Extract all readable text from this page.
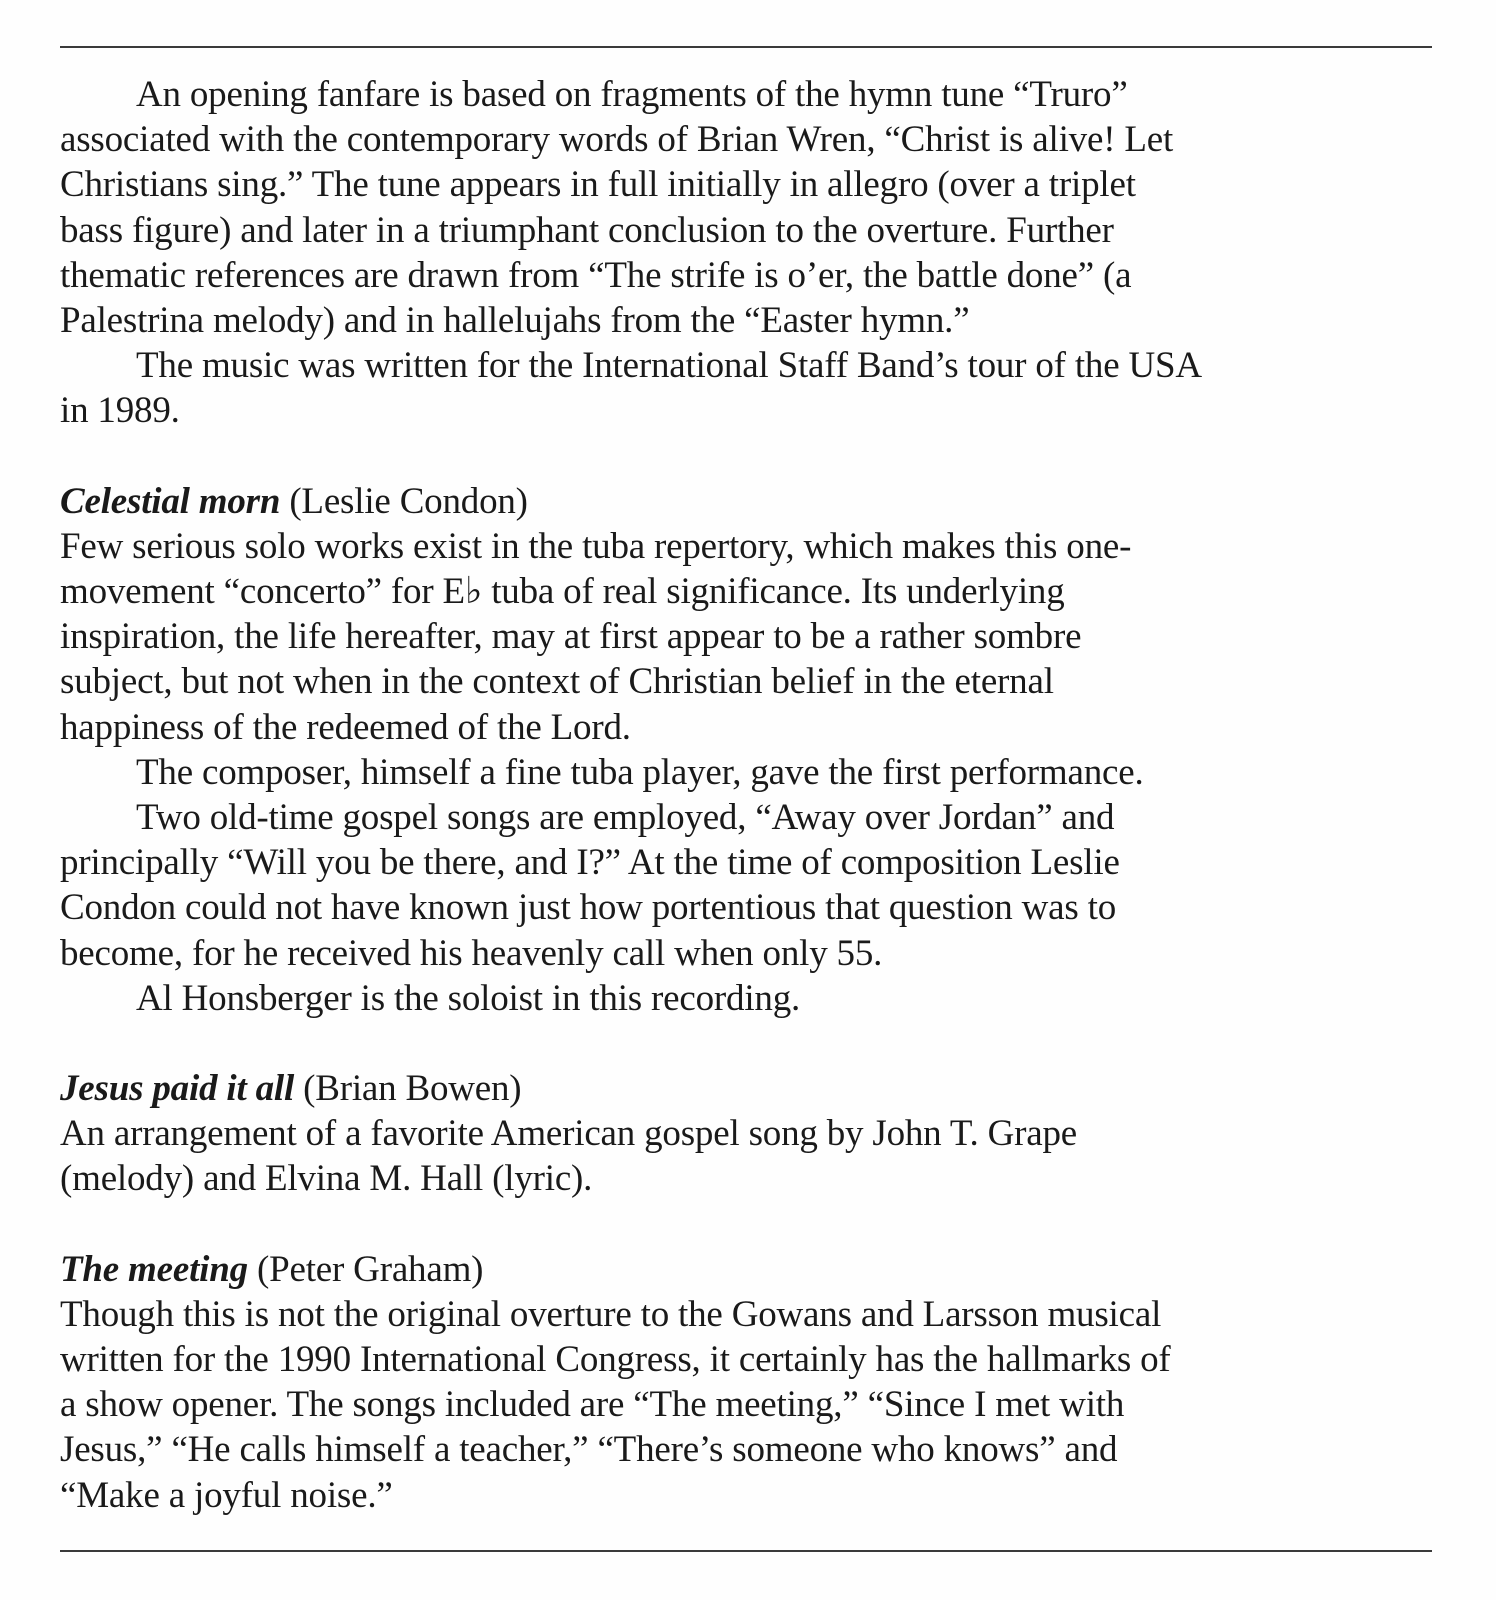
An opening fanfare is based on fragments of the hymn tune “Truro”
associated with the contemporary words of Brian Wren, “Christ is alive! Let
Christians sing.” The tune appears in full initially in allegro (over a triplet
bass figure) and later in a triumphant conclusion to the overture. Further
thematic references are drawn from “The strife is o’er, the battle done” (a
Palestrina melody) and in hallelujahs from the “Easter hymn.”
The music was written for the International Staff Band’s tour of the USA
in 1989.
Celestial morn (Leslie Condon)
Few serious solo works exist in the tuba repertory, which makes this one-
movement “concerto” for E♭ tuba of real significance. Its underlying
inspiration, the life hereafter, may at first appear to be a rather sombre
subject, but not when in the context of Christian belief in the eternal
happiness of the redeemed of the Lord.
The composer, himself a fine tuba player, gave the first performance.
Two old-time gospel songs are employed, “Away over Jordan” and
principally “Will you be there, and I?” At the time of composition Leslie
Condon could not have known just how portentious that question was to
become, for he received his heavenly call when only 55.
Al Honsberger is the soloist in this recording.
Jesus paid it all (Brian Bowen)
An arrangement of a favorite American gospel song by John T. Grape
(melody) and Elvina M. Hall (lyric).
The meeting (Peter Graham)
Though this is not the original overture to the Gowans and Larsson musical
written for the 1990 International Congress, it certainly has the hallmarks of
a show opener. The songs included are “The meeting,” “Since I met with
Jesus,” “He calls himself a teacher,” “There’s someone who knows” and
“Make a joyful noise.”
